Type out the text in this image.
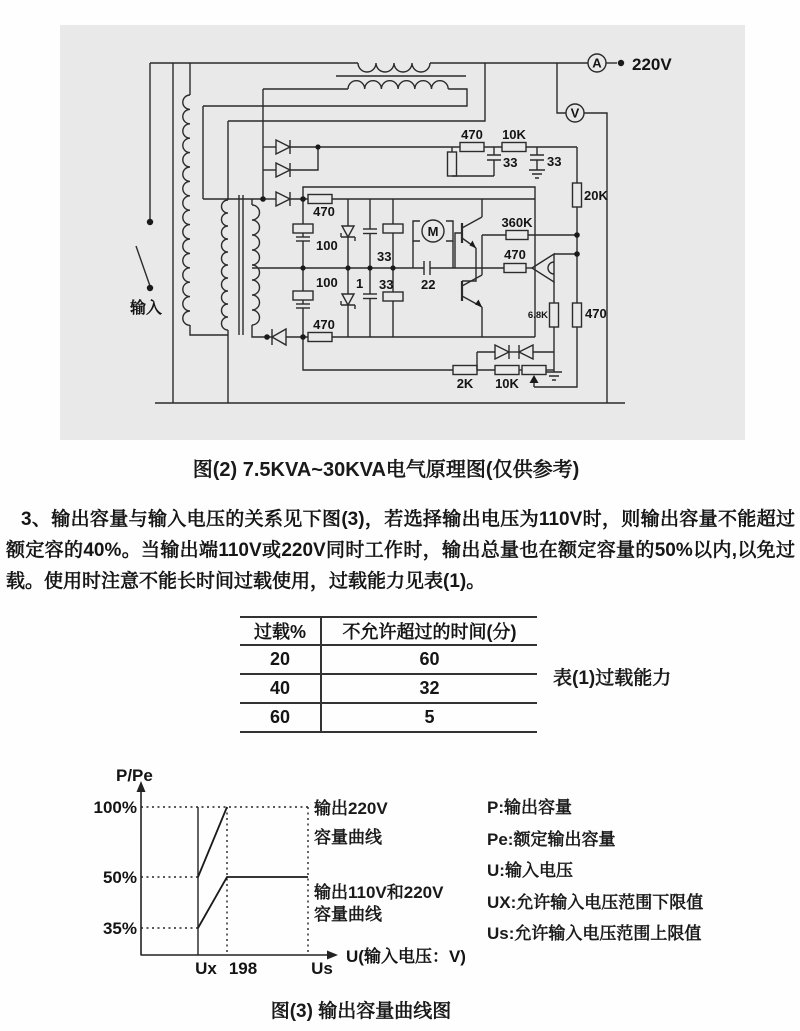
A
V
M
220V
输入
470 10K
33 33
20K
360K
470
6.8K	470
2K 10K
470
470
100
100 1
33
33 22
图(2) 7.5KVA~30KVA电气原理图(仅供参考)
3、输出容量与输入电压的关系见下图(3)，若选择输出电压为110V时，则输出容量不能超过额定容的40%。当输出端110V或220V同时工作时，输出总量也在额定容量的50%以内,以免过载。使用时注意不能长时间过载使用，过载能力见表(1)。
过载%	不允许超过的时间(分)
20	60
40	32
60	5
表(1)过载能力
P/Pe
100%
50%
35%
Ux 198	Us
U(输入电压：V)
输出220V
容量曲线
输出110V和220V
容量曲线
P:输出容量
Pe:额定输出容量
U:输入电压
UX:允许输入电压范围下限值
Us:允许输入电压范围上限值
图(3) 输出容量曲线图
